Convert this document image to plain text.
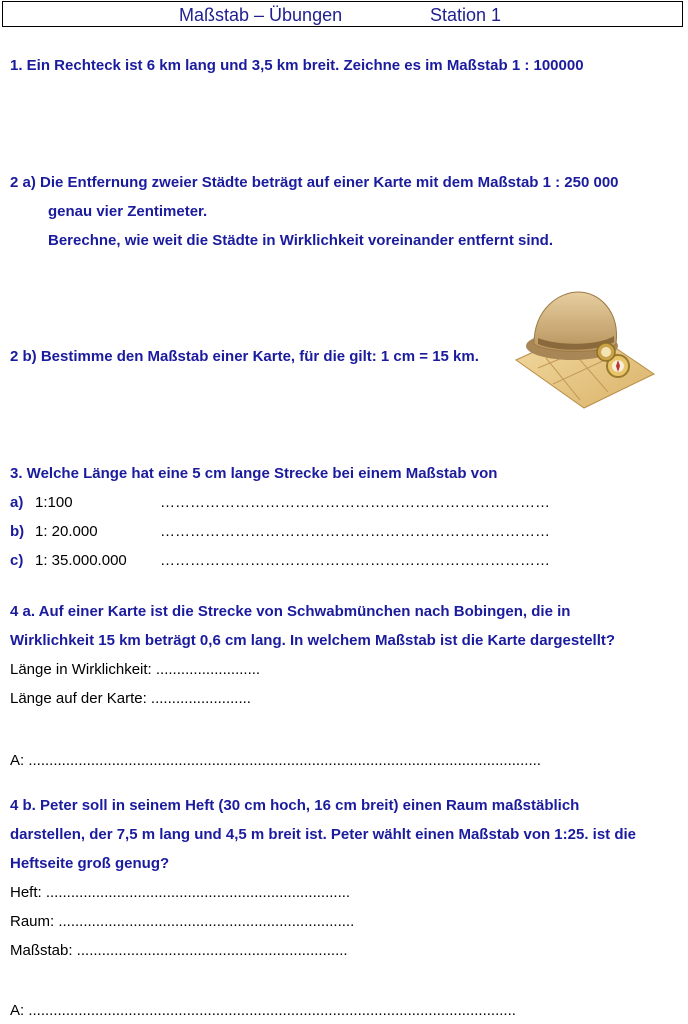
Maßstab – Übungen	Station 1
1. Ein Rechteck ist 6 km lang und 3,5 km breit. Zeichne es im Maßstab 1 : 100000
2 a) Die Entfernung zweier Städte beträgt auf einer Karte mit dem Maßstab 1 : 250 000
genau vier Zentimeter.
Berechne, wie weit die Städte in Wirklichkeit voreinander entfernt sind.
2 b) Bestimme den Maßstab einer Karte, für die gilt: 1 cm = 15 km.
3. Welche Länge hat eine 5 cm lange Strecke bei einem Maßstab von
a) 1:100	……………………………………………………………………
b) 1: 20.000	……………………………………………………………………
c) 1: 35.000.000 ……………………………………………………………………
4 a. Auf einer Karte ist die Strecke von Schwabmünchen nach Bobingen, die in
Wirklichkeit 15 km beträgt 0,6 cm lang. In welchem Maßstab ist die Karte dargestellt?
Länge in Wirklichkeit: .........................
Länge auf der Karte: ........................
A: ...........................................................................................................................
4 b. Peter soll in seinem Heft (30 cm hoch, 16 cm breit) einen Raum maßstäblich
darstellen, der 7,5 m lang und 4,5 m breit ist. Peter wählt einen Maßstab von 1:25. ist die
Heftseite groß genug?
Heft: .........................................................................
Raum: .......................................................................
Maßstab: .................................................................
A: .....................................................................................................................
